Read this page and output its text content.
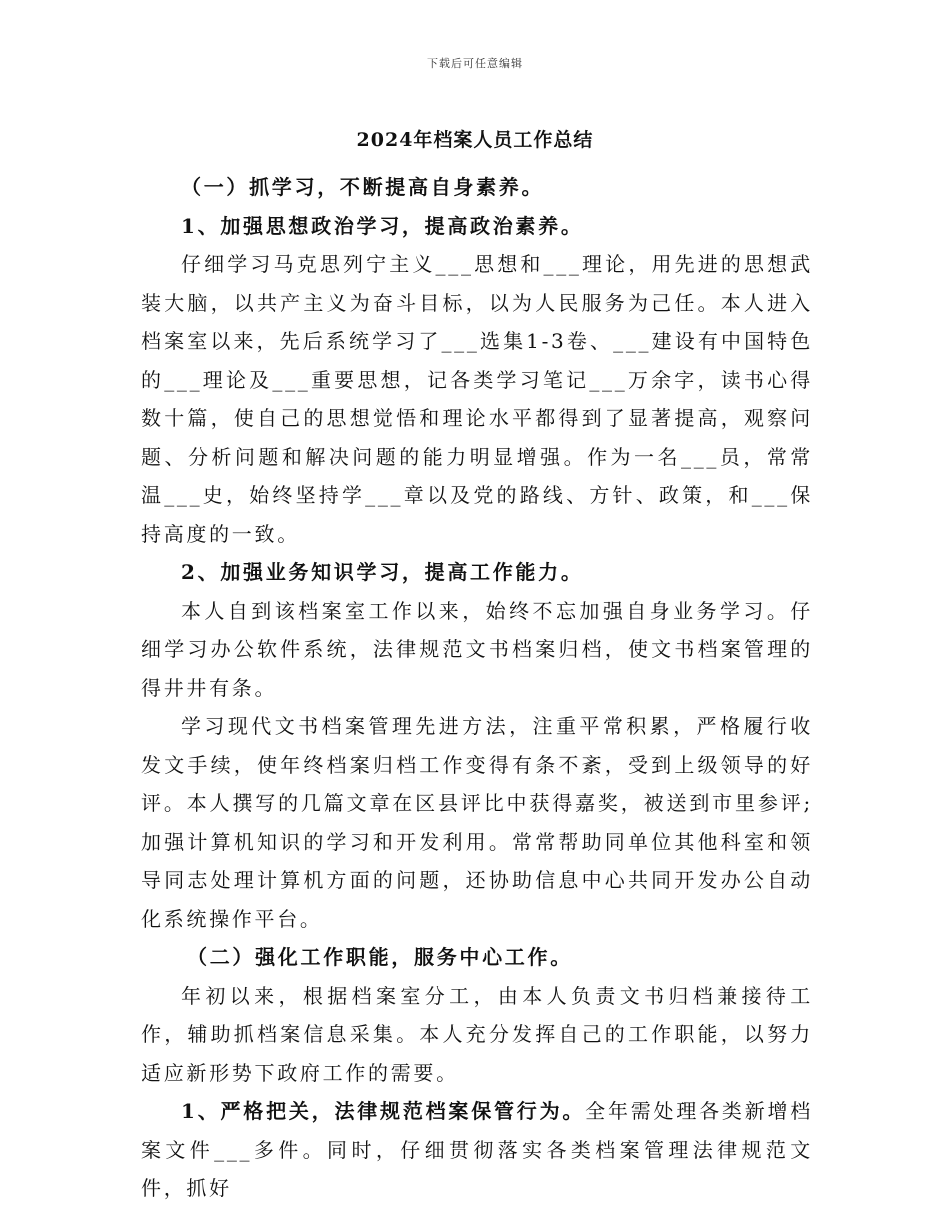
下载后可任意编辑
2024年档案人员工作总结

（一）抓学习，不断提高自身素养。

1、加强思想政治学习，提高政治素养。

仔细学习马克思列宁主义___思想和___理论，用先进的思想武装大脑，以共产主义为奋斗目标，以为人民服务为己任。本人进入档案室以来，先后系统学习了___选集1-3卷、___建设有中国特色的___理论及___重要思想，记各类学习笔记___万余字，读书心得数十篇，使自己的思想觉悟和理论水平都得到了显著提高，观察问题、分析问题和解决问题的能力明显增强。作为一名___员，常常温___史，始终坚持学___章以及党的路线、方针、政策，和___保持高度的一致。

2、加强业务知识学习，提高工作能力。

本人自到该档案室工作以来，始终不忘加强自身业务学习。仔细学习办公软件系统，法律规范文书档案归档，使文书档案管理的得井井有条。

学习现代文书档案管理先进方法，注重平常积累，严格履行收发文手续，使年终档案归档工作变得有条不紊，受到上级领导的好评。本人撰写的几篇文章在区县评比中获得嘉奖，被送到市里参评;加强计算机知识的学习和开发利用。常常帮助同单位其他科室和领导同志处理计算机方面的问题，还协助信息中心共同开发办公自动化系统操作平台。

（二）强化工作职能，服务中心工作。

年初以来，根据档案室分工，由本人负责文书归档兼接待工作，辅助抓档案信息采集。本人充分发挥自己的工作职能，以努力适应新形势下政府工作的需要。

1、严格把关，法律规范档案保管行为。全年需处理各类新增档案文件___多件。同时，仔细贯彻落实各类档案管理法律规范文件，抓好
